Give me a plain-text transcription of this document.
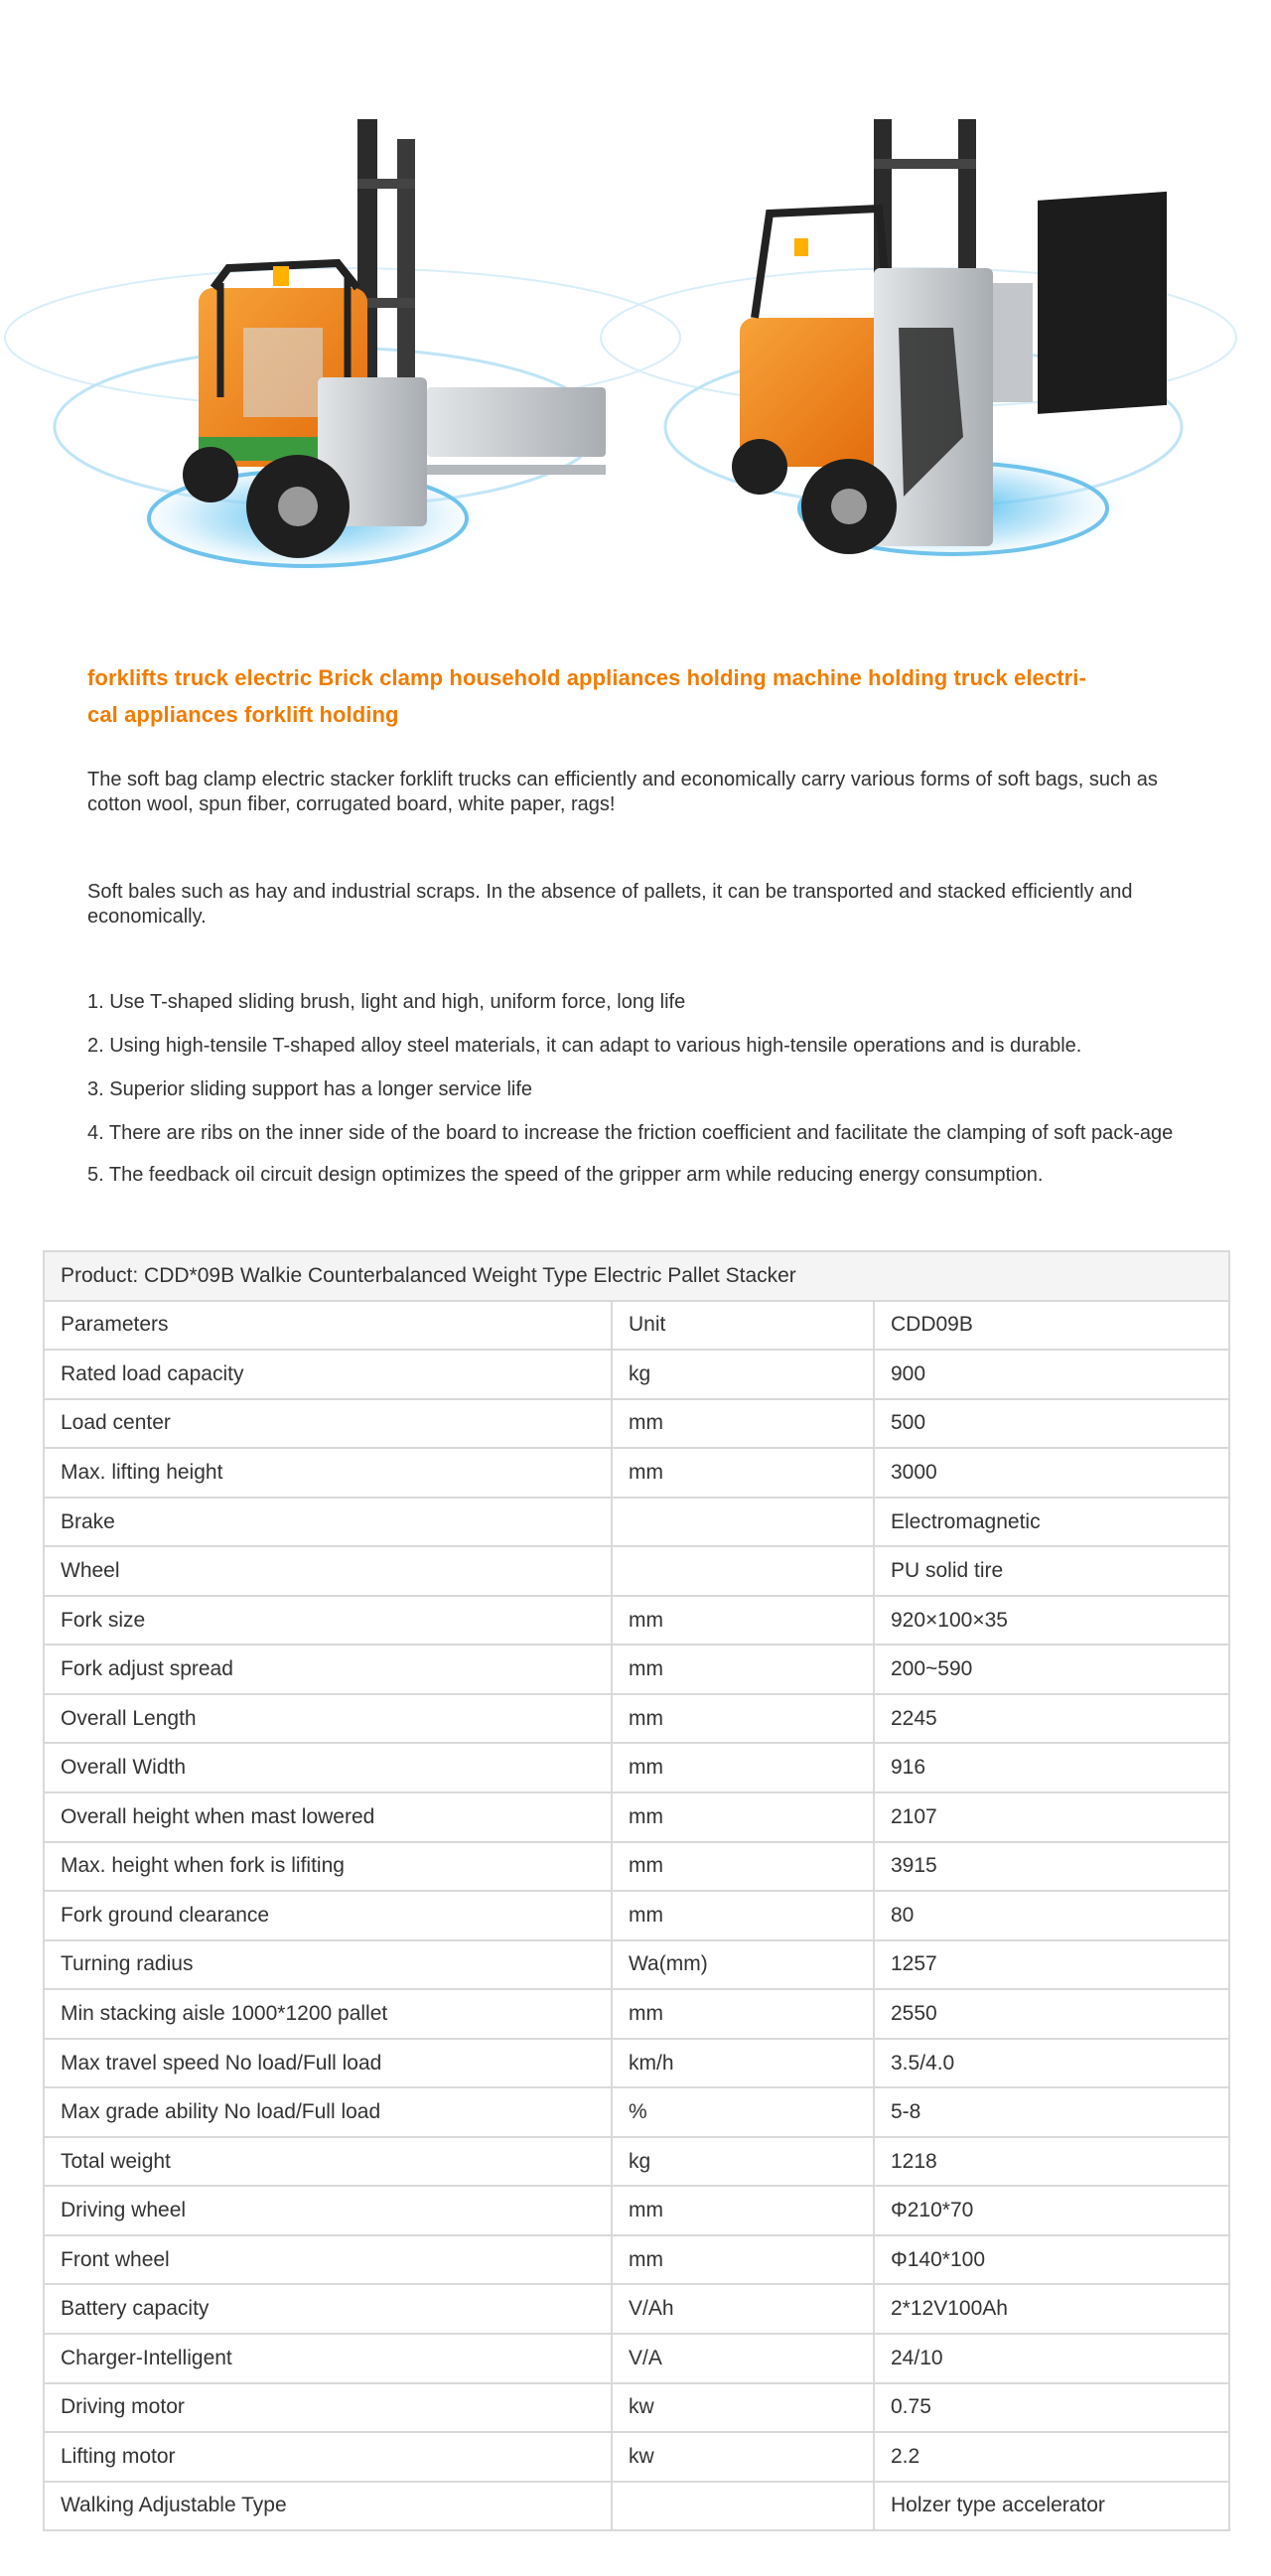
forklifts truck electric Brick clamp household appliances holding machine holding truck electri-
cal appliances forklift holding

The soft bag clamp electric stacker forklift trucks can efficiently and economically carry various forms of soft bags, such as cotton wool, spun fiber, corrugated board, white paper, rags!

Soft bales such as hay and industrial scraps. In the absence of pallets, it can be transported and stacked efficiently and economically.

1. Use T-shaped sliding brush, light and high, uniform force, long life
2. Using high-tensile T-shaped alloy steel materials, it can adapt to various high-tensile operations and is durable.
3. Superior sliding support has a longer service life
4. There are ribs on the inner side of the board to increase the friction coefficient and facilitate the clamping of soft pack-age
5. The feedback oil circuit design optimizes the speed of the gripper arm while reducing energy consumption.
Product: CDD*09B Walkie Counterbalanced Weight Type Electric Pallet Stacker		
Parameters	Unit	CDD09B
Rated load capacity	kg	900
Load center	mm	500
Max. lifting height	mm	3000
Brake		Electromagnetic
Wheel		PU solid tire
Fork size	mm	920×100×35
Fork adjust spread	mm	200~590
Overall Length	mm	2245
Overall Width	mm	916
Overall height when mast lowered	mm	2107
Max. height when fork is lifiting	mm	3915
Fork ground clearance	mm	80
Turning radius	Wa(mm)	1257
Min stacking aisle 1000*1200 pallet	mm	2550
Max travel speed No load/Full load	km/h	3.5/4.0
Max grade ability No load/Full load	%	5-8
Total weight	kg	1218
Driving wheel	mm	Φ210*70
Front wheel	mm	Φ140*100
Battery capacity	V/Ah	2*12V100Ah
Charger-Intelligent	V/A	24/10
Driving motor	kw	0.75
Lifting motor	kw	2.2
Walking Adjustable Type		Holzer type accelerator
